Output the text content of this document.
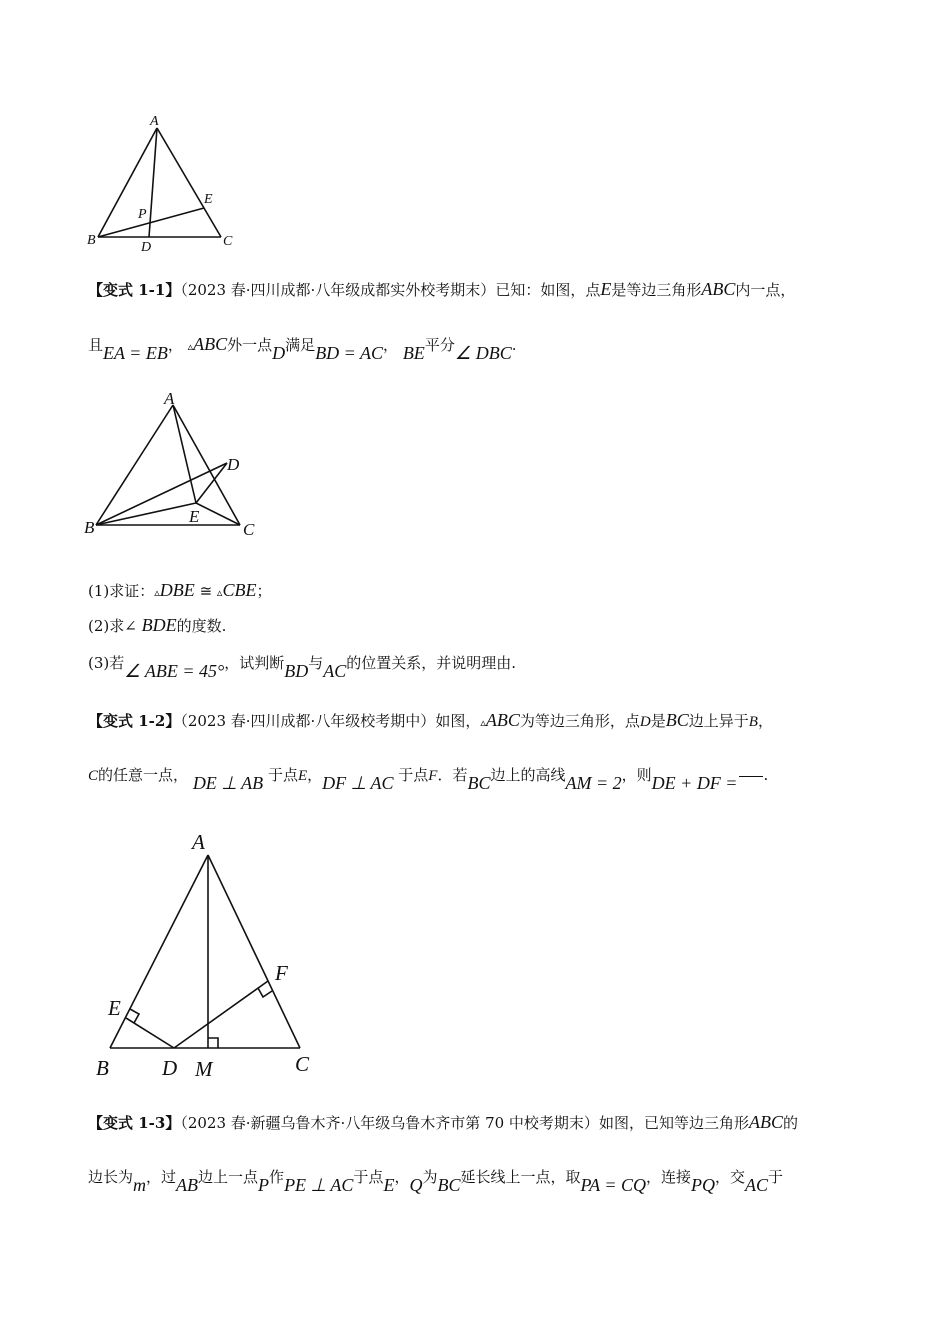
A
B	C
D
E
P
【变式 1-1】（2023 春·四川成都·八年级成都实外校考期末）已知：如图，点E是等边三角形ABC内一点，
且EA = EB， ▵ABC外一点D满足BD = AC， BE平分∠ DBC.
A
B	C
D
E
(1)求证：▵DBE ≅ ▵CBE；
(2)求∠ BDE的度数.
(3)若∠ ABE = 45°，试判断BD与AC的位置关系，并说明理由.
【变式 1-2】（2023 春·四川成都·八年级校考期中）如图，▵ABC为等边三角形，点D是BC边上异于B，
C的任意一点， DE ⊥ AB 于点E，DF ⊥ AC 于点F．若BC边上的高线AM = 2，则DE + DF = .
A
B	C
D
E
F
M
【变式 1-3】（2023 春·新疆乌鲁木齐·八年级乌鲁木齐市第 70 中校考期末）如图，已知等边三角形ABC的
边长为m，过AB边上一点P作PE ⊥ AC于点E，Q为BC延长线上一点，取PA = CQ，连接PQ，交AC于
